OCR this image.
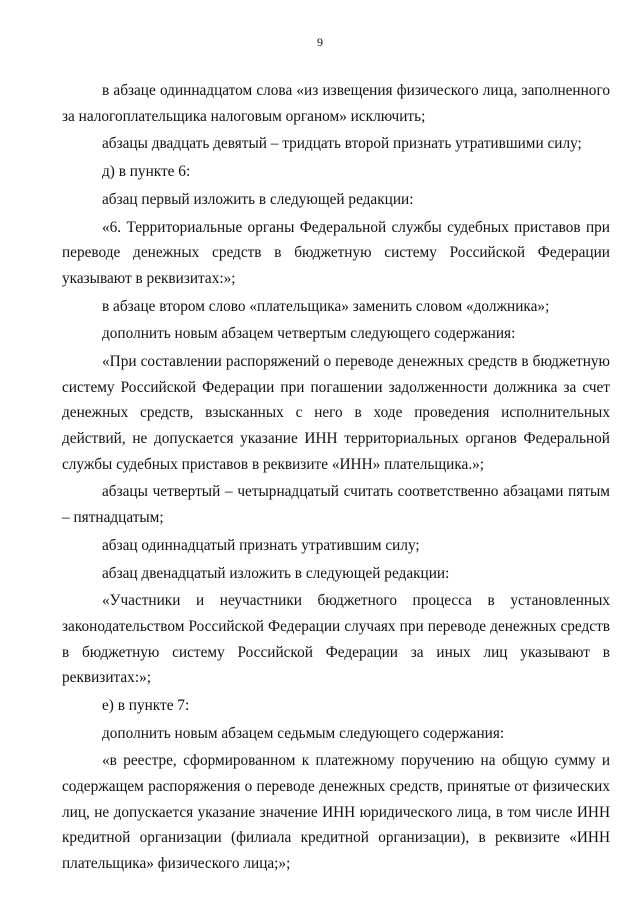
9

в абзаце одиннадцатом слова «из извещения физического лица, заполненного за налогоплательщика налоговым органом» исключить;

абзацы двадцать девятый – тридцать второй признать утратившими силу;

д) в пункте 6:

абзац первый изложить в следующей редакции:

«6. Территориальные органы Федеральной службы судебных приставов при переводе денежных средств в бюджетную систему Российской Федерации указывают в реквизитах:»;

в абзаце втором слово «плательщика» заменить словом «должника»;

дополнить новым абзацем четвертым следующего содержания:

«При составлении распоряжений о переводе денежных средств в бюджетную систему Российской Федерации при погашении задолженности должника за счет денежных средств, взысканных с него в ходе проведения исполнительных действий, не допускается указание ИНН территориальных органов Федеральной службы судебных приставов в реквизите «ИНН» плательщика.»;

абзацы четвертый – четырнадцатый считать соответственно абзацами пятым – пятнадцатым;

абзац одиннадцатый признать утратившим силу;

абзац двенадцатый изложить в следующей редакции:

«Участники и неучастники бюджетного процесса в установленных законодательством Российской Федерации случаях при переводе денежных средств в бюджетную систему Российской Федерации за иных лиц указывают в реквизитах:»;

е) в пункте 7:

дополнить новым абзацем седьмым следующего содержания:

«в реестре, сформированном к платежному поручению на общую сумму и содержащем распоряжения о переводе денежных средств, принятые от физических лиц, не допускается указание значение ИНН юридического лица, в том числе ИНН кредитной организации (филиала кредитной организации), в реквизите «ИНН плательщика» физического лица;»;
